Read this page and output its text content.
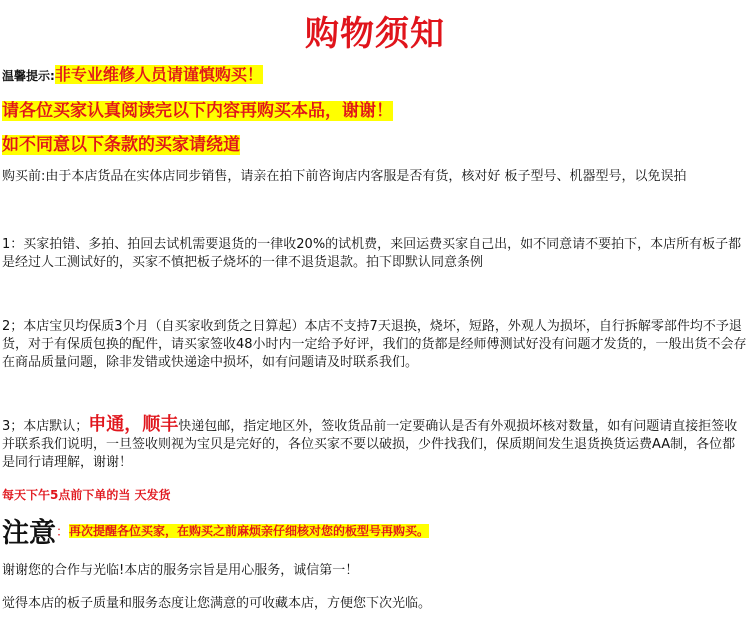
购物须知
温馨提示:非专业维修人员请谨慎购买！
请各位买家认真阅读完以下内容再购买本品，谢谢！
如不同意以下条款的买家请绕道
购买前:由于本店货品在实体店同步销售，请亲在拍下前咨询店内客服是否有货，核对好 板子型号、机器型号，以免误拍
1：买家拍错、多拍、拍回去试机需要退货的一律收20%的试机费，来回运费买家自己出，如不同意请不要拍下，本店所有板子都是经过人工测试好的，买家不慎把板子烧坏的一律不退货退款。拍下即默认同意条例
2；本店宝贝均保质3个月（自买家收到货之日算起）本店不支持7天退换，烧坏，短路，外观人为损坏，自行拆解零部件均不予退货，对于有保质包换的配件，请买家签收48小时内一定给予好评，我们的货都是经师傅测试好没有问题才发货的，一般出货不会存在商品质量问题，除非发错或快递途中损坏，如有问题请及时联系我们。
3；本店默认；申通，顺丰快递包邮，指定地区外，签收货品前一定要确认是否有外观损坏核对数量，如有问题请直接拒签收并联系我们说明，一旦签收则视为宝贝是完好的，各位买家不要以破损，少件找我们，保质期间发生退货换货运费AA制，各位都是同行请理解，谢谢！
每天下午5点前下单的当 天发货
注意：再次提醒各位买家，在购买之前麻烦亲仔细核对您的板型号再购买。
谢谢您的合作与光临!本店的服务宗旨是用心服务，诚信第一！
觉得本店的板子质量和服务态度让您满意的可收藏本店，方便您下次光临。
